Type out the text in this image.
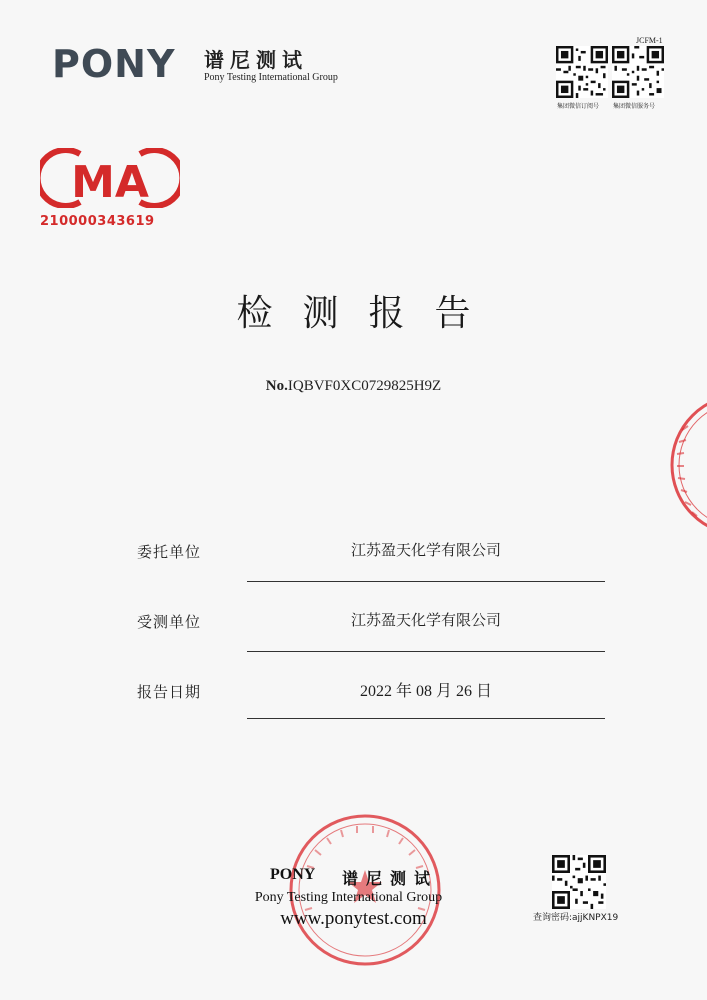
PONY 谱尼测试
Pony Testing International Group
JCFM-1
集团微信订阅号 集团微信服务号
MA
210000343619
检测报告
No.IQBVF0XC0729825H9Z
委托单位	江苏盈天化学有限公司
受测单位	江苏盈天化学有限公司
报告日期	2022 年 08 月 26 日
PONY 谱尼测试
Pony Testing International Group
www.ponytest.com	查询密码:ajjKNPX19
